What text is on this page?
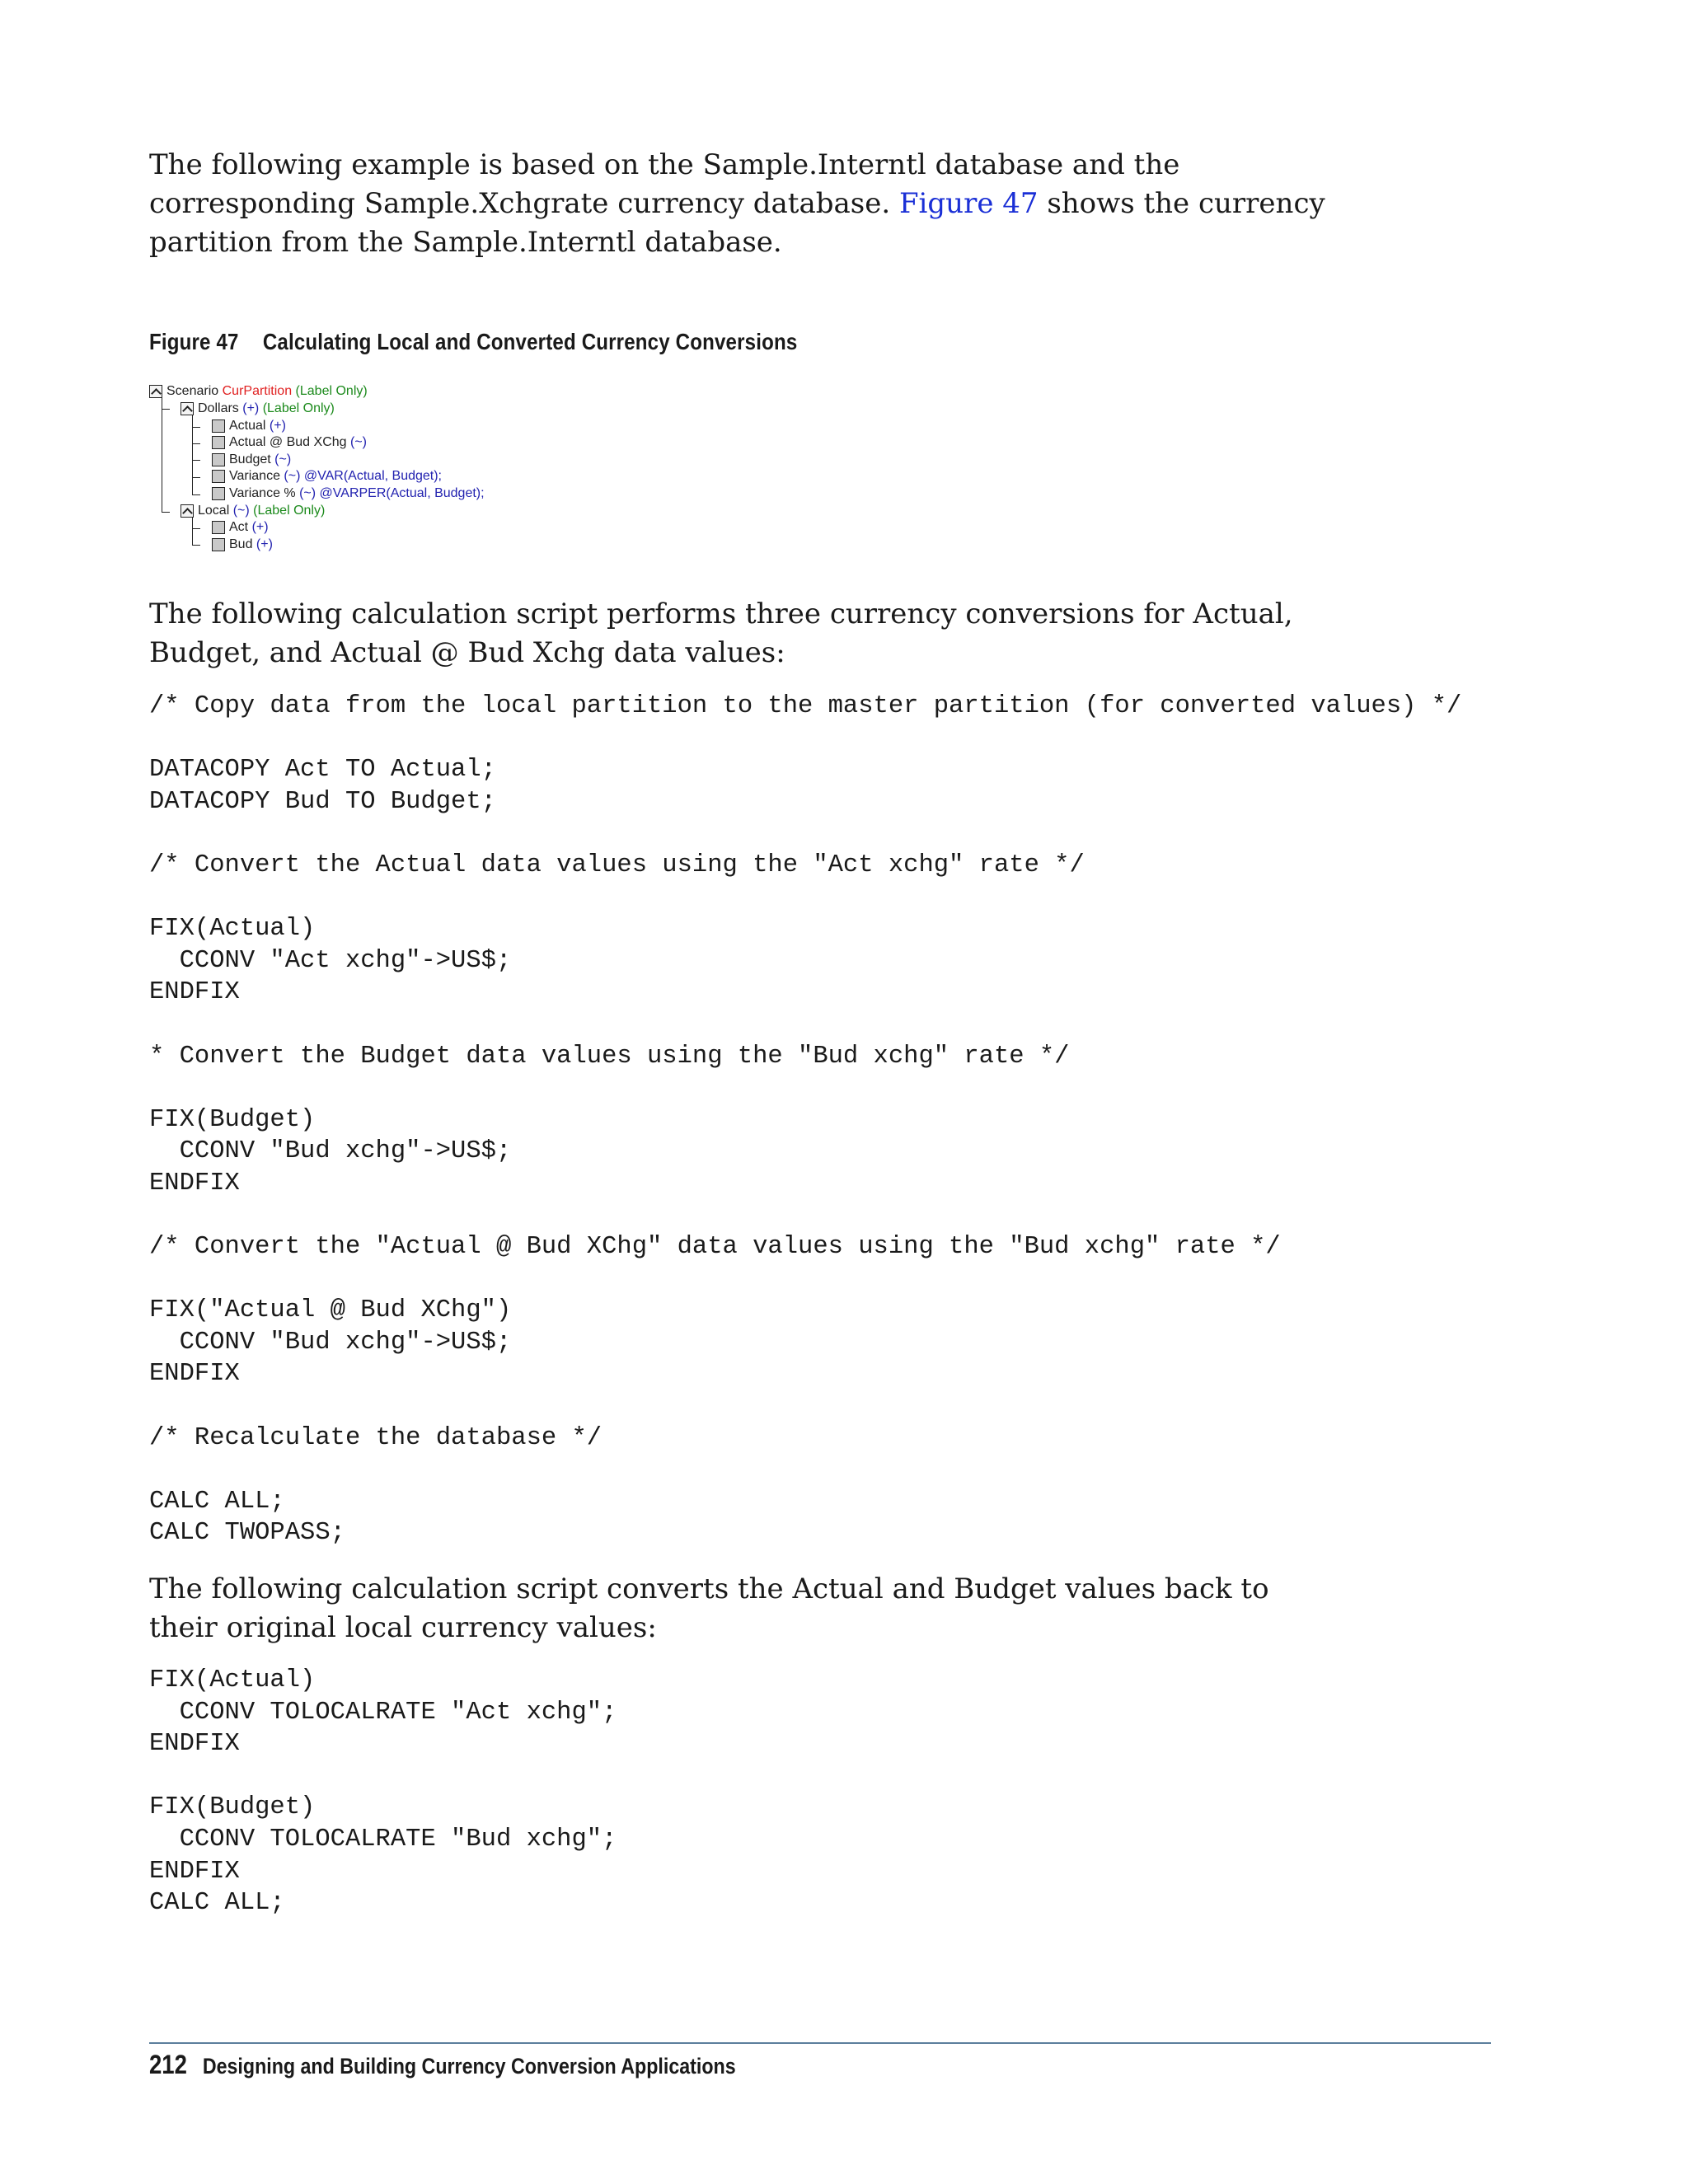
The following example is based on the Sample.Interntl database and the corresponding Sample.Xchgrate currency database. Figure 47 shows the currency partition from the Sample.Interntl database.
Figure 47 Calculating Local and Converted Currency Conversions
Scenario CurPartition (Label Only)
Dollars (+) (Label Only)
Actual (+)
Actual @ Bud XChg (~)
Budget (~)
Variance (~) @VAR(Actual, Budget);
Variance % (~) @VARPER(Actual, Budget);
Local (~) (Label Only)
Act (+)
Bud (+)
The following calculation script performs three currency conversions for Actual, Budget, and Actual @ Bud Xchg data values:
/* Copy data from the local partition to the master partition (for converted values) */
DATACOPY Act TO Actual;
DATACOPY Bud TO Budget;
/* Convert the Actual data values using the "Act xchg" rate */
FIX(Actual)
CCONV "Act xchg"->US$;
ENDFIX
* Convert the Budget data values using the "Bud xchg" rate */
FIX(Budget)
CCONV "Bud xchg"->US$;
ENDFIX
/* Convert the "Actual @ Bud XChg" data values using the "Bud xchg" rate */
FIX("Actual @ Bud XChg")
CCONV "Bud xchg"->US$;
ENDFIX
/* Recalculate the database */
CALC ALL;
CALC TWOPASS;
The following calculation script converts the Actual and Budget values back to their original local currency values:
FIX(Actual)
CCONV TOLOCALRATE "Act xchg";
ENDFIX
FIX(Budget)
CCONV TOLOCALRATE "Bud xchg";
ENDFIX
CALC ALL;
212 Designing and Building Currency Conversion Applications
